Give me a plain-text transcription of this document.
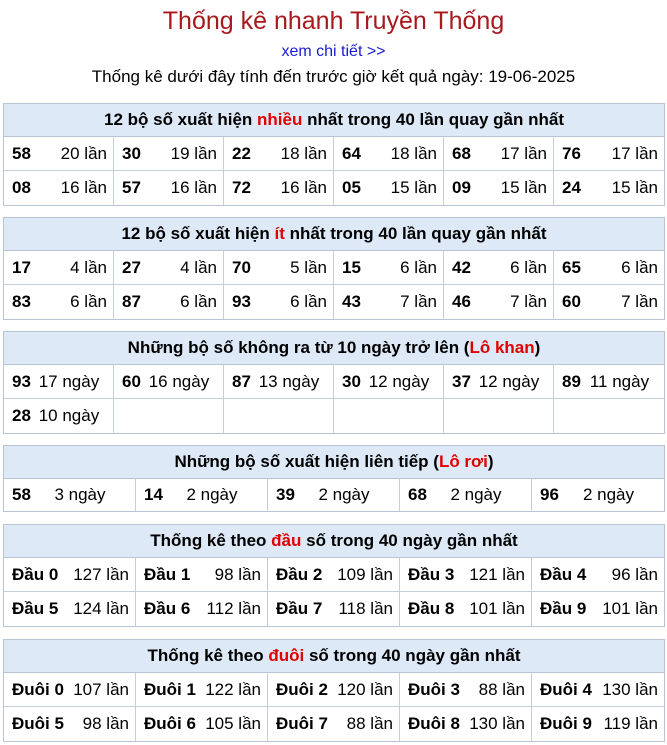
Thống kê nhanh Truyền Thống
xem chi tiết >>
Thống kê dưới đây tính đến trước giờ kết quả ngày: 19-06-2025
12 bộ số xuất hiện nhiều nhất trong 40 lần quay gần nhất
58 20 lần 30 19 lần 22 18 lần 64 18 lần 68 17 lần 76 17 lần
08 16 lần 57 16 lần 72 16 lần 05 15 lần 09 15 lần 24 15 lần
12 bộ số xuất hiện ít nhất trong 40 lần quay gần nhất
17 4 lần 27 4 lần 70 5 lần 15 6 lần 42 6 lần 65 6 lần
83 6 lần 87 6 lần 93 6 lần 43 7 lần 46 7 lần 60 7 lần
Những bộ số không ra từ 10 ngày trở lên (Lô khan)
93 17 ngày	60 16 ngày	87 13 ngày	30 12 ngày	37 12 ngày	89 11 ngày
28 10 ngày
Những bộ số xuất hiện liên tiếp (Lô rơi)
58	3 ngày	14	2 ngày	39	2 ngày	68	2 ngày	96	2 ngày
Thống kê theo đầu số trong 40 ngày gần nhất
Đầu 0 127 lần Đầu 1 98 lần Đầu 2 109 lần Đầu 3 121 lần Đầu 4 96 lần
Đầu 5 124 lần Đầu 6 112 lần Đầu 7 118 lần Đầu 8 101 lần Đầu 9 101 lần
Thống kê theo đuôi số trong 40 ngày gần nhất
Đuôi 0 107 lần Đuôi 1 122 lần Đuôi 2 120 lần Đuôi 3 88 lần Đuôi 4 130 lần
Đuôi 5 98 lần Đuôi 6 105 lần Đuôi 7 88 lần Đuôi 8 130 lần Đuôi 9 119 lần
